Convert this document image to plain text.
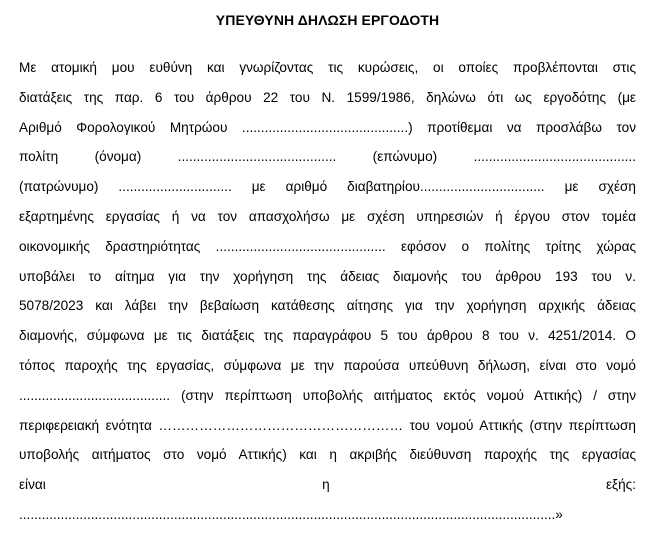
ΥΠΕΥΘΥΝΗ ΔΗΛΩΣΗ ΕΡΓΟΔΟΤΗ
Με ατομική μου ευθύνη και γνωρίζοντας τις κυρώσεις, οι οποίες προβλέπονται στις
διατάξεις της παρ. 6 του άρθρου 22 του Ν. 1599/1986, δηλώνω ότι ως εργοδότης (με
Αριθμό Φορολογικού Μητρώου ............................................) προτίθεμαι να προσλάβω τον
πολίτη (όνομα) .......................................... (επώνυμο) ...........................................
(πατρώνυμο) .............................. με αριθμό διαβατηρίου................................. με σχέση
εξαρτημένης εργασίας ή να τον απασχολήσω με σχέση υπηρεσιών ή έργου στον τομέα
οικονομικής δραστηριότητας ............................................. εφόσον ο πολίτης τρίτης χώρας
υποβάλει το αίτημα για την χορήγηση της άδειας διαμονής του άρθρου 193 του ν.
5078/2023 και λάβει την βεβαίωση κατάθεσης αίτησης για την χορήγηση αρχικής άδειας
διαμονής, σύμφωνα με τις διατάξεις της παραγράφου 5 του άρθρου 8 του ν. 4251/2014. Ο
τόπος παροχής της εργασίας, σύμφωνα με την παρούσα υπεύθυνη δήλωση, είναι στο νομό
........................................ (στην περίπτωση υποβολής αιτήματος εκτός νομού Αττικής) / στην
περιφερειακή ενότητα ……………………………………………… του νομού Αττικής (στην περίπτωση
υποβολής αιτήματος στο νομό Αττικής) και η ακριβής διεύθυνση παροχής της εργασίας
είναι η εξής:
..............................................................................................................................................»
